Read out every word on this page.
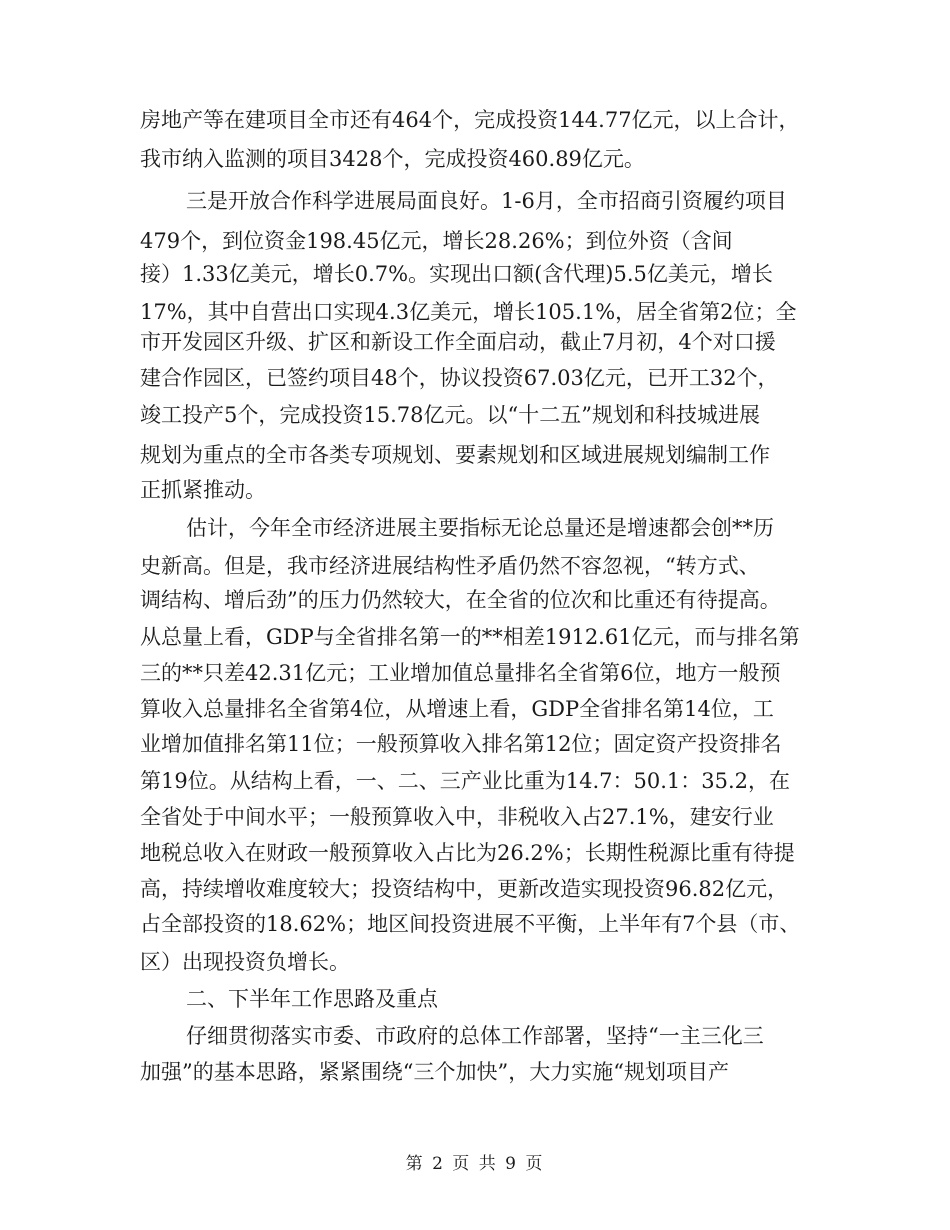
房地产等在建项目全市还有464个，完成投资144.77亿元，以上合计，
我市纳入监测的项目3428个，完成投资460.89亿元。
三是开放合作科学进展局面良好。1-6月，全市招商引资履约项目
479个，到位资金198.45亿元，增长28.26%；到位外资（含间
接）1.33亿美元，增长0.7%。实现出口额(含代理)5.5亿美元，增长
17%，其中自营出口实现4.3亿美元，增长105.1%，居全省第2位；全
市开发园区升级、扩区和新设工作全面启动，截止7月初，4个对口援
建合作园区，已签约项目48个，协议投资67.03亿元，已开工32个，
竣工投产5个，完成投资15.78亿元。以“十二五”规划和科技城进展
规划为重点的全市各类专项规划、要素规划和区域进展规划编制工作
正抓紧推动。
估计，今年全市经济进展主要指标无论总量还是增速都会创**历
史新高。但是，我市经济进展结构性矛盾仍然不容忽视，“转方式、
调结构、增后劲”的压力仍然较大，在全省的位次和比重还有待提高。
从总量上看，GDP与全省排名第一的**相差1912.61亿元，而与排名第
三的**只差42.31亿元；工业增加值总量排名全省第6位，地方一般预
算收入总量排名全省第4位，从增速上看，GDP全省排名第14位，工
业增加值排名第11位；一般预算收入排名第12位；固定资产投资排名
第19位。从结构上看，一、二、三产业比重为14.7：50.1：35.2，在
全省处于中间水平；一般预算收入中，非税收入占27.1%，建安行业
地税总收入在财政一般预算收入占比为26.2%；长期性税源比重有待提
高，持续增收难度较大；投资结构中，更新改造实现投资96.82亿元，
占全部投资的18.62%；地区间投资进展不平衡，上半年有7个县（市、
区）出现投资负增长。
二、下半年工作思路及重点
仔细贯彻落实市委、市政府的总体工作部署，坚持“一主三化三
加强”的基本思路，紧紧围绕“三个加快”，大力实施“规划项目产
第 2 页 共 9 页
